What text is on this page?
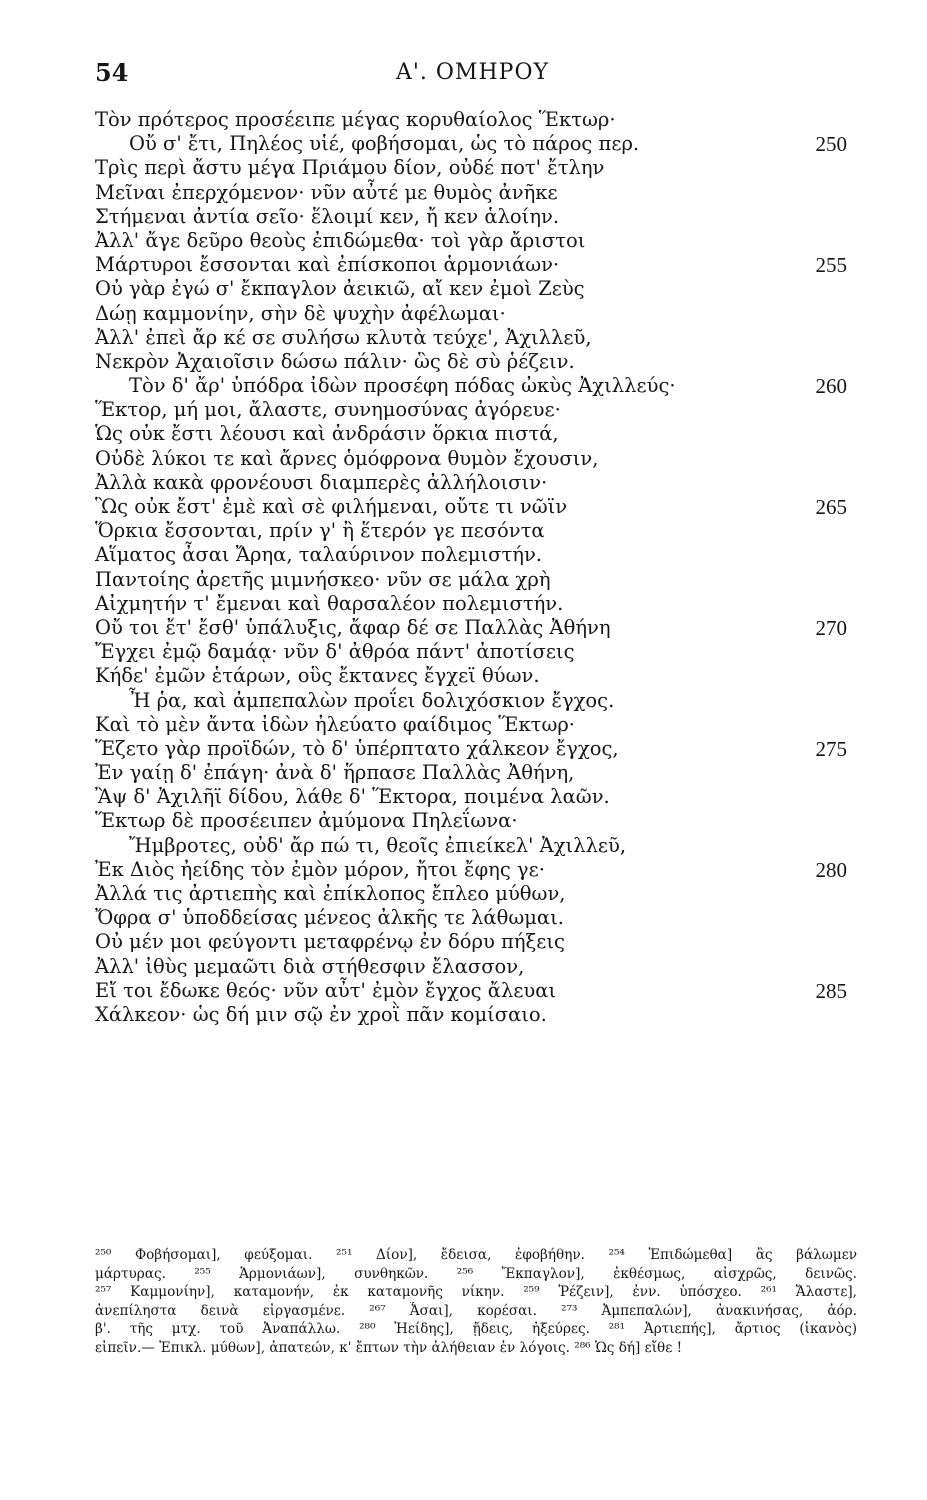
54	Α'. ΟΜΗΡΟΥ
Τὸν πρότερος προσέειπε μέγας κορυθαίολος Ἕκτωρ·
Οὔ σ' ἔτι, Πηλέος υἱέ, φοβήσομαι, ὡς τὸ πάρος περ.	250
Τρὶς περὶ ἄστυ μέγα Πριάμου δίον, οὐδέ ποτ' ἔτλην
Μεῖναι ἐπερχόμενον· νῦν αὖτέ με θυμὸς ἀνῆκε
Στήμεναι ἀντία σεῖο· ἕλοιμί κεν, ἤ κεν ἁλοίην.
Ἀλλ' ἄγε δεῦρο θεοὺς ἐπιδώμεθα· τοὶ γὰρ ἄριστοι
Μάρτυροι ἔσσονται καὶ ἐπίσκοποι ἁρμονιάων·	255
Οὐ γὰρ ἐγώ σ' ἔκπαγλον ἀεικιῶ, αἴ κεν ἐμοὶ Ζεὺς
Δώῃ καμμονίην, σὴν δὲ ψυχὴν ἀφέλωμαι·
Ἀλλ' ἐπεὶ ἄρ κέ σε συλήσω κλυτὰ τεύχε', Ἀχιλλεῦ,
Νεκρὸν Ἀχαιοῖσιν δώσω πάλιν· ὣς δὲ σὺ ῥέζειν.
Τὸν δ' ἄρ' ὑπόδρα ἰδὼν προσέφη πόδας ὠκὺς Ἀχιλλεύς·	260
Ἕκτορ, μή μοι, ἄλαστε, συνημοσύνας ἀγόρευε·
Ὡς οὐκ ἔστι λέουσι καὶ ἀνδράσιν ὅρκια πιστά,
Οὐδὲ λύκοι τε καὶ ἄρνες ὁμόφρονα θυμὸν ἔχουσιν,
Ἀλλὰ κακὰ φρονέουσι διαμπερὲς ἀλλήλοισιν·
Ὣς οὐκ ἔστ' ἐμὲ καὶ σὲ φιλήμεναι, οὔτε τι νῶϊν	265
Ὅρκια ἔσσονται, πρίν γ' ἢ ἕτερόν γε πεσόντα
Αἵματος ἆσαι Ἄρηα, ταλαύρινον πολεμιστήν.
Παντοίης ἀρετῆς μιμνήσκεο· νῦν σε μάλα χρὴ
Αἰχμητήν τ' ἔμεναι καὶ θαρσαλέον πολεμιστήν.
Οὔ τοι ἔτ' ἔσθ' ὑπάλυξις, ἄφαρ δέ σε Παλλὰς Ἀθήνη	270
Ἔγχει ἐμῷ δαμάᾳ· νῦν δ' ἀθρόα πάντ' ἀποτίσεις
Κήδε' ἐμῶν ἑτάρων, οὓς ἔκτανες ἔγχεϊ θύων.
Ἦ ῥα, καὶ ἀμπεπαλὼν προΐει δολιχόσκιον ἔγχος.
Καὶ τὸ μὲν ἄντα ἰδὼν ἠλεύατο φαίδιμος Ἕκτωρ·
Ἕζετο γὰρ προϊδών, τὸ δ' ὑπέρπτατο χάλκεον ἔγχος,	275
Ἐν γαίῃ δ' ἐπάγη· ἀνὰ δ' ἥρπασε Παλλὰς Ἀθήνη,
Ἂψ δ' Ἀχιλῆϊ δίδου, λάθε δ' Ἕκτορα, ποιμένα λαῶν.
Ἕκτωρ δὲ προσέειπεν ἀμύμονα Πηλεΐωνα·
Ἤμβροτες, οὐδ' ἄρ πώ τι, θεοῖς ἐπιείκελ' Ἀχιλλεῦ,
Ἐκ Διὸς ἠείδης τὸν ἐμὸν μόρον, ἤτοι ἔφης γε·	280
Ἀλλά τις ἀρτιεπὴς καὶ ἐπίκλοπος ἔπλεο μύθων,
Ὄφρα σ' ὑποδδείσας μένεος ἀλκῆς τε λάθωμαι.
Οὐ μέν μοι φεύγοντι μεταφρένῳ ἐν δόρυ πήξεις
Ἀλλ' ἰθὺς μεμαῶτι διὰ στήθεσφιν ἔλασσον,
Εἴ τοι ἔδωκε θεός· νῦν αὖτ' ἐμὸν ἔγχος ἄλευαι	285
Χάλκεον· ὡς δή μιν σῷ ἐν χροῒ πᾶν κομίσαιο.
²⁵⁰ Φοβήσομαι], φεύξομαι. ²⁵¹ Δίον], ἔδεισα, ἐφοβήθην. ²⁵⁴ Ἐπιδώμεθα] ἂς βάλωμεν
μάρτυρας. ²⁵⁵ Ἁρμονιάων], συνθηκῶν. ²⁵⁶ Ἔκπαγλον], ἐκθέσμως, αἰσχρῶς, δεινῶς.
²⁵⁷ Καμμονίην], καταμονήν, ἐκ καταμονῆς νίκην. ²⁵⁹ Ῥέζειν], ἐνν. ὑπόσχεο. ²⁶¹ Ἄλαστε],
ἀνεπίληστα δεινὰ εἰργασμένε. ²⁶⁷ Ἆσαι], κορέσαι. ²⁷³ Ἀμπεπαλών], ἀνακινήσας, ἀόρ.
β'. τῆς μτχ. τοῦ Ἀναπάλλω. ²⁸⁰ Ἠείδης], ᾔδεις, ἠξεύρες. ²⁸¹ Ἀρτιεπής], ἄρτιος (ἱκανὸς)
εἰπεῖν.— Ἐπικλ. μύθων], ἀπατεών, κ' ἔπτων τὴν ἀλήθειαν ἐν λόγοις. ²⁸⁶ Ὡς δή] εἴθε !
